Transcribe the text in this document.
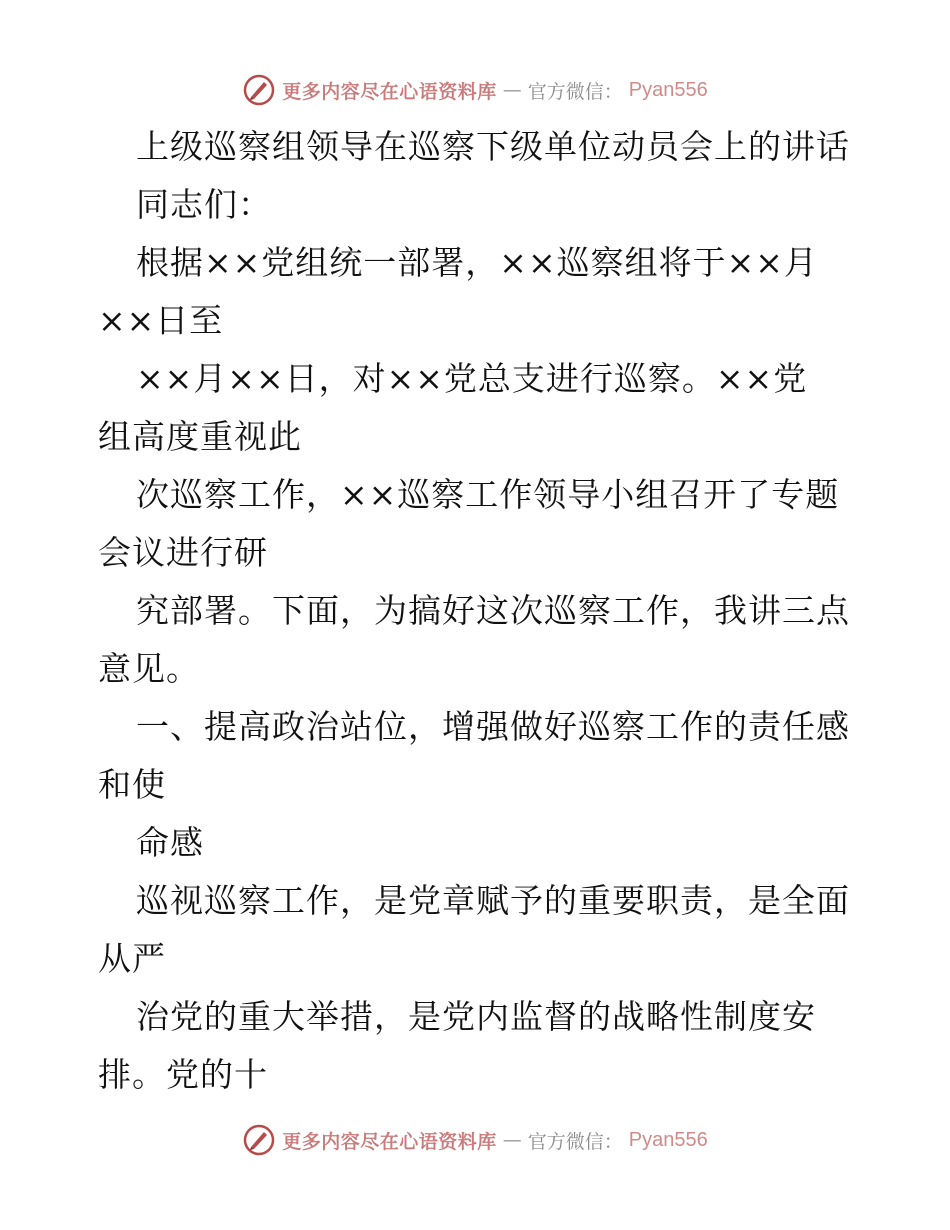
更多内容尽在心语资料库 — 官方微信： Pyan556
上级巡察组领导在巡察下级单位动员会上的讲话
同志们：
根据××党组统一部署，××巡察组将于××月
××日至
××月××日，对××党总支进行巡察。××党
组高度重视此
次巡察工作，××巡察工作领导小组召开了专题
会议进行研
究部署。下面，为搞好这次巡察工作，我讲三点
意见。
一、提高政治站位，增强做好巡察工作的责任感
和使
命感
巡视巡察工作，是党章赋予的重要职责，是全面
从严
治党的重大举措，是党内监督的战略性制度安
排。党的十
更多内容尽在心语资料库 — 官方微信： Pyan556
